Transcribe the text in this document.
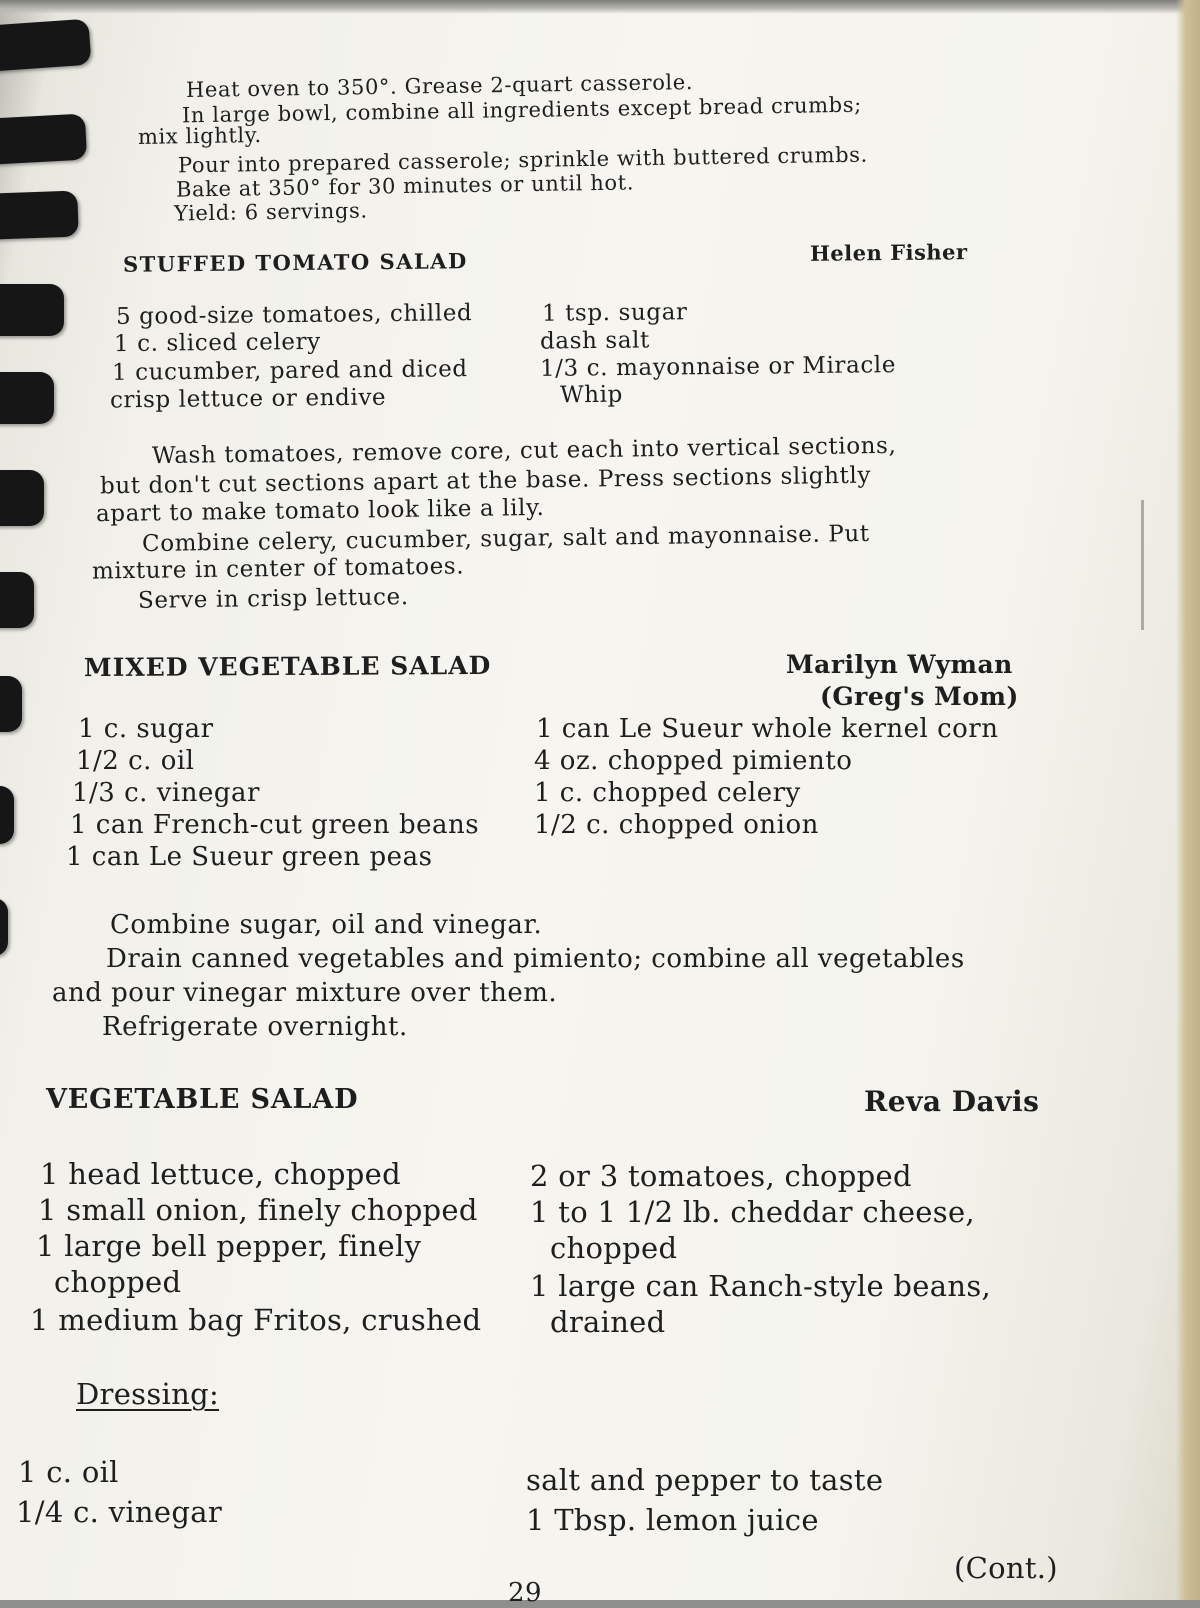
Heat oven to 350°. Grease 2-quart casserole.
In large bowl, combine all ingredients except bread crumbs;
mix lightly.
Pour into prepared casserole; sprinkle with buttered crumbs.
Bake at 350° for 30 minutes or until hot.
Yield: 6 servings.
STUFFED TOMATO SALAD	Helen Fisher
5 good-size tomatoes, chilled
1 c. sliced celery
1 cucumber, pared and diced
crisp lettuce or endive
1 tsp. sugar
dash salt
1/3 c. mayonnaise or Miracle
Whip
Wash tomatoes, remove core, cut each into vertical sections,
but don't cut sections apart at the base. Press sections slightly
apart to make tomato look like a lily.
Combine celery, cucumber, sugar, salt and mayonnaise. Put
mixture in center of tomatoes.
Serve in crisp lettuce.
MIXED VEGETABLE SALAD	Marilyn Wyman
(Greg's Mom)
1 c. sugar
1/2 c. oil
1/3 c. vinegar
1 can French-cut green beans
1 can Le Sueur green peas
1 can Le Sueur whole kernel corn
4 oz. chopped pimiento
1 c. chopped celery
1/2 c. chopped onion
Combine sugar, oil and vinegar.
Drain canned vegetables and pimiento; combine all vegetables
and pour vinegar mixture over them.
Refrigerate overnight.
VEGETABLE SALAD	Reva Davis
1 head lettuce, chopped
1 small onion, finely chopped
1 large bell pepper, finely
chopped
1 medium bag Fritos, crushed
2 or 3 tomatoes, chopped
1 to 1 1/2 lb. cheddar cheese,
chopped
1 large can Ranch-style beans,
drained
Dressing:
1 c. oil
1/4 c. vinegar
salt and pepper to taste
1 Tbsp. lemon juice
(Cont.)
29
